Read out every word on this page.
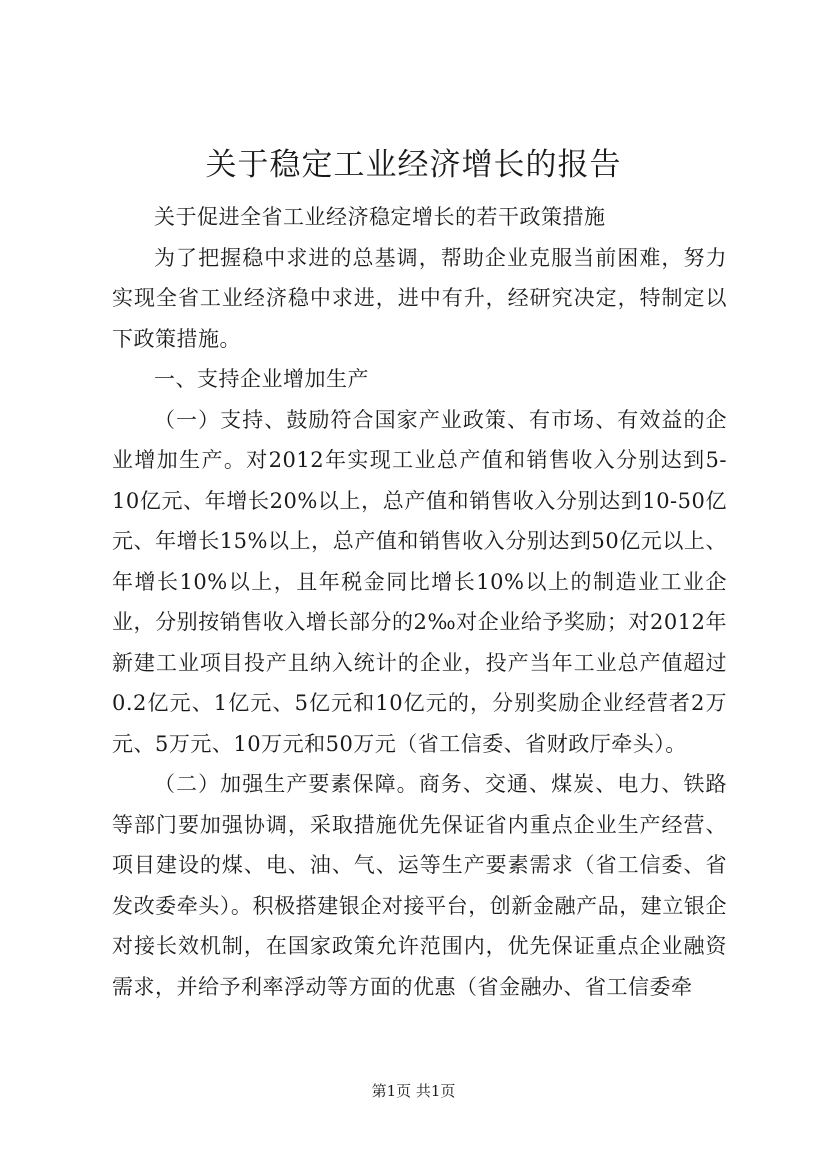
关于稳定工业经济增长的报告

关于促进全省工业经济稳定增长的若干政策措施

为了把握稳中求进的总基调，帮助企业克服当前困难，努力实现全省工业经济稳中求进，进中有升，经研究决定，特制定以下政策措施。

一、支持企业增加生产

（一）支持、鼓励符合国家产业政策、有市场、有效益的企业增加生产。对2012年实现工业总产值和销售收入分别达到5-10亿元、年增长20%以上，总产值和销售收入分别达到10-50亿元、年增长15%以上，总产值和销售收入分别达到50亿元以上、年增长10%以上，且年税金同比增长10%以上的制造业工业企业，分别按销售收入增长部分的2‰对企业给予奖励；对2012年新建工业项目投产且纳入统计的企业，投产当年工业总产值超过0.2亿元、1亿元、5亿元和10亿元的，分别奖励企业经营者2万元、5万元、10万元和50万元（省工信委、省财政厅牵头）。

（二）加强生产要素保障。商务、交通、煤炭、电力、铁路等部门要加强协调，采取措施优先保证省内重点企业生产经营、项目建设的煤、电、油、气、运等生产要素需求（省工信委、省发改委牵头）。积极搭建银企对接平台，创新金融产品，建立银企对接长效机制，在国家政策允许范围内，优先保证重点企业融资需求，并给予利率浮动等方面的优惠（省金融办、省工信委牵

第1页 共1页
